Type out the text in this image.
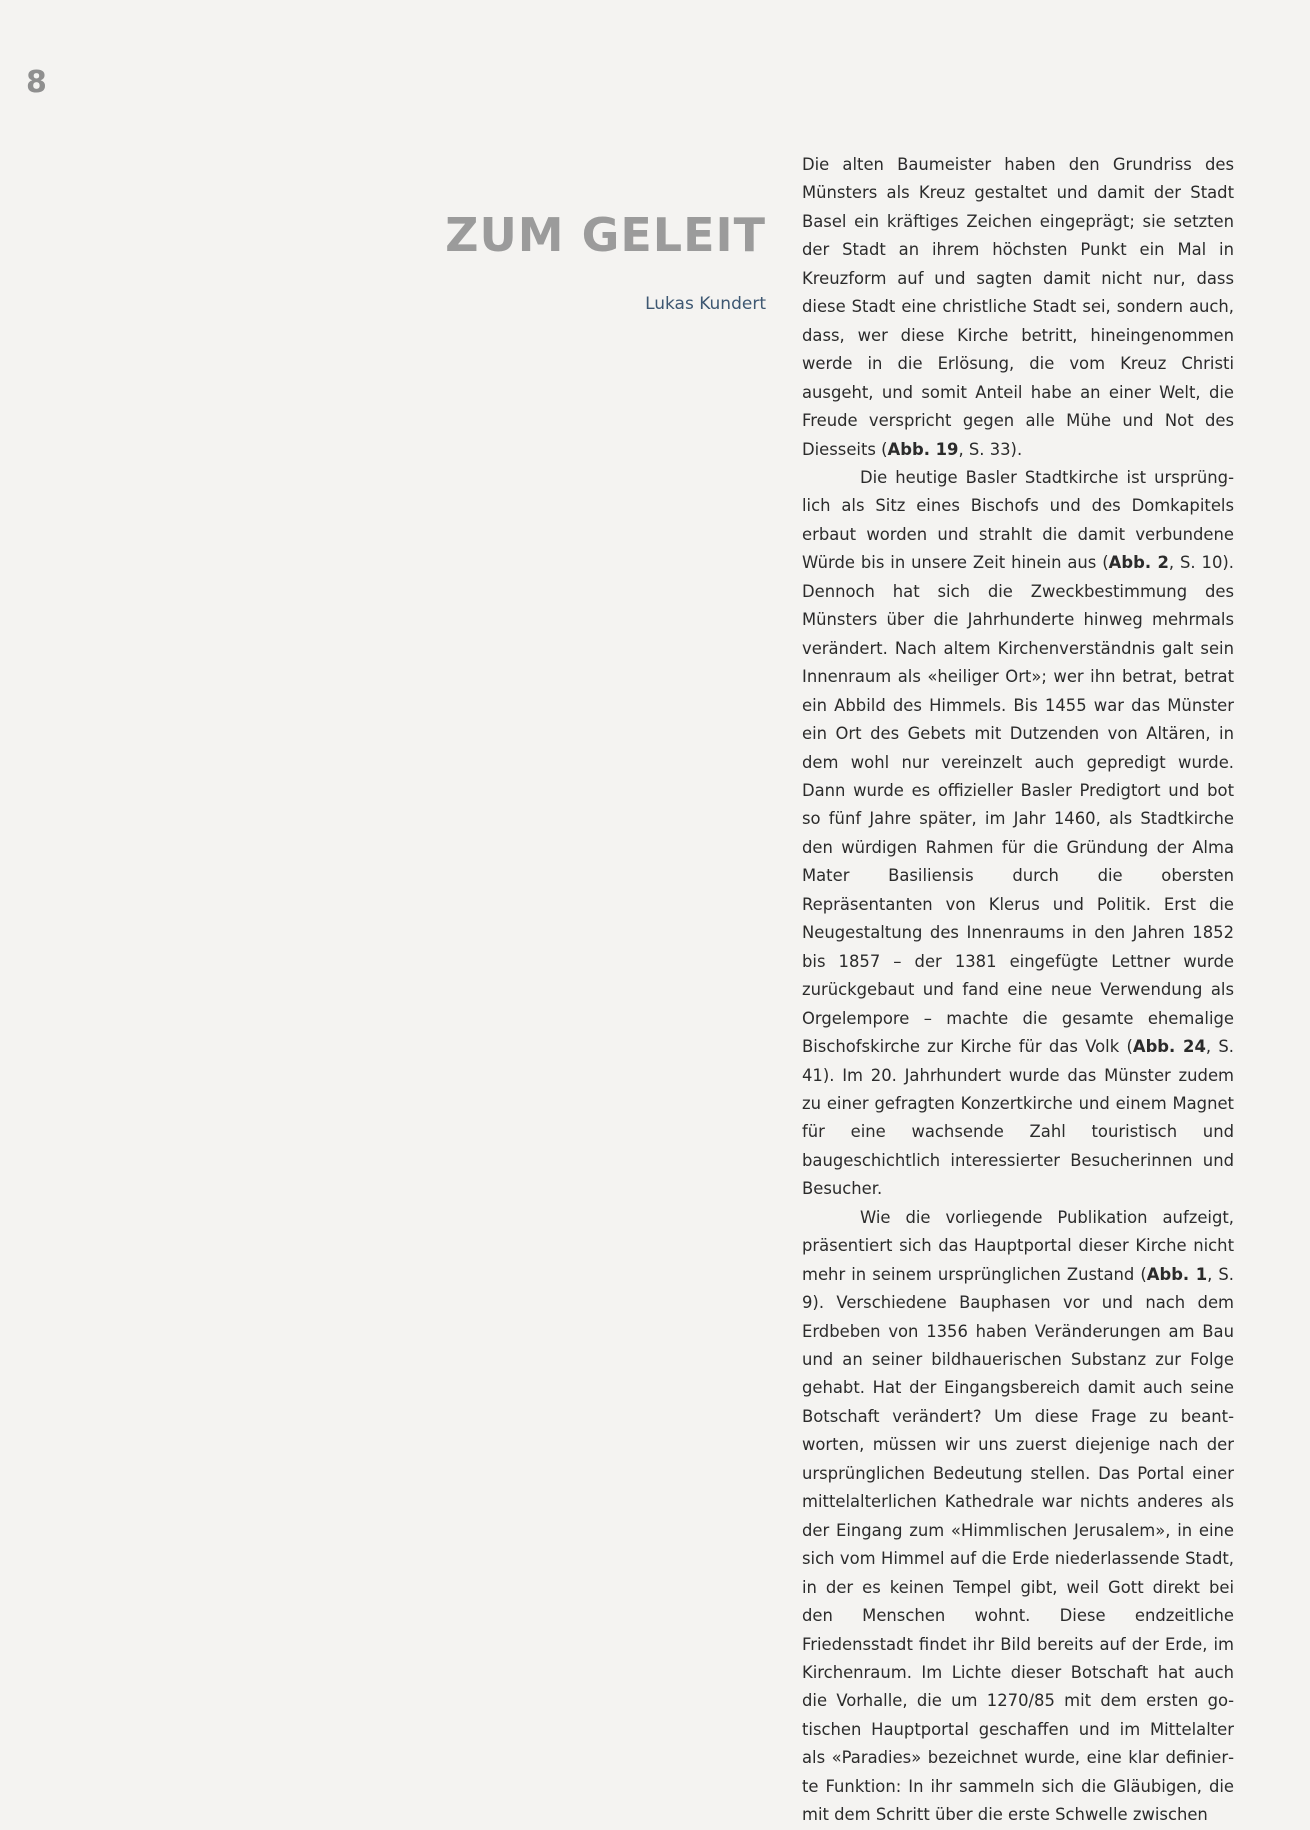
8
ZUM GELEIT
Lukas Kundert

Die alten Baumeister haben den Grundriss des Münsters als Kreuz gestaltet und damit der Stadt Basel ein kräftiges Zeichen eingeprägt; sie setzten der Stadt an ihrem höchsten Punkt ein Mal in Kreuzform auf und sagten damit nicht nur, dass diese Stadt eine christliche Stadt sei, sondern auch, dass, wer diese Kirche betritt, hineingenommen werde in die Erlösung, die vom Kreuz Christi ausgeht, und somit Anteil habe an einer Welt, die Freude verspricht gegen alle Mühe und Not des Diesseits (Abb. 19, S. 33).

Die heutige Basler Stadtkirche ist ursprünglich als Sitz eines Bischofs und des Domkapitels erbaut worden und strahlt die damit verbundene Würde bis in unsere Zeit hinein aus (Abb. 2, S. 10). Dennoch hat sich die Zweckbestimmung des Münsters über die Jahrhunderte hinweg mehrmals verändert. Nach altem Kirchenverständnis galt sein Innenraum als «heiliger Ort»; wer ihn betrat, betrat ein Abbild des Himmels. Bis 1455 war das Münster ein Ort des Gebets mit Dutzenden von Altären, in dem wohl nur vereinzelt auch gepredigt wurde. Dann wurde es offizieller Basler Predigtort und bot so fünf Jahre später, im Jahr 1460, als Stadtkirche den würdigen Rahmen für die Gründung der Alma Mater Basiliensis durch die obersten Repräsentanten von Klerus und Politik. Erst die Neugestaltung des Innenraums in den Jahren 1852 bis 1857 – der 1381 eingefügte Lettner wurde zurückgebaut und fand eine neue Verwendung als Orgelempore – machte die gesamte ehemalige Bischofskirche zur Kirche für das Volk (Abb. 24, S. 41). Im 20. Jahrhundert wurde das Münster zudem zu einer gefragten Konzertkirche und einem Magnet für eine wachsende Zahl touristisch und baugeschichtlich interessierter Besucherinnen und Besucher.

Wie die vorliegende Publikation aufzeigt, präsentiert sich das Hauptportal dieser Kirche nicht mehr in seinem ursprünglichen Zustand (Abb. 1, S. 9). Verschiedene Bauphasen vor und nach dem Erdbeben von 1356 haben Veränderungen am Bau und an seiner bildhauerischen Substanz zur Folge gehabt. Hat der Eingangsbereich damit auch seine Botschaft verändert? Um diese Frage zu beantworten, müssen wir uns zuerst diejenige nach der ursprünglichen Bedeutung stellen. Das Portal einer mittelalterlichen Kathedrale war nichts anderes als der Eingang zum «Himmlischen Jerusalem», in eine sich vom Himmel auf die Erde niederlassende Stadt, in der es keinen Tempel gibt, weil Gott direkt bei den Menschen wohnt. Diese endzeitliche Friedensstadt findet ihr Bild bereits auf der Erde, im Kirchenraum. Im Lichte dieser Botschaft hat auch die Vorhalle, die um 1270/85 mit dem ersten gotischen Hauptportal geschaffen und im Mittelalter als «Paradies» bezeichnet wurde, eine klar definierte Funktion: In ihr sammeln sich die Gläubigen, die mit dem Schritt über die erste Schwelle zwischen
